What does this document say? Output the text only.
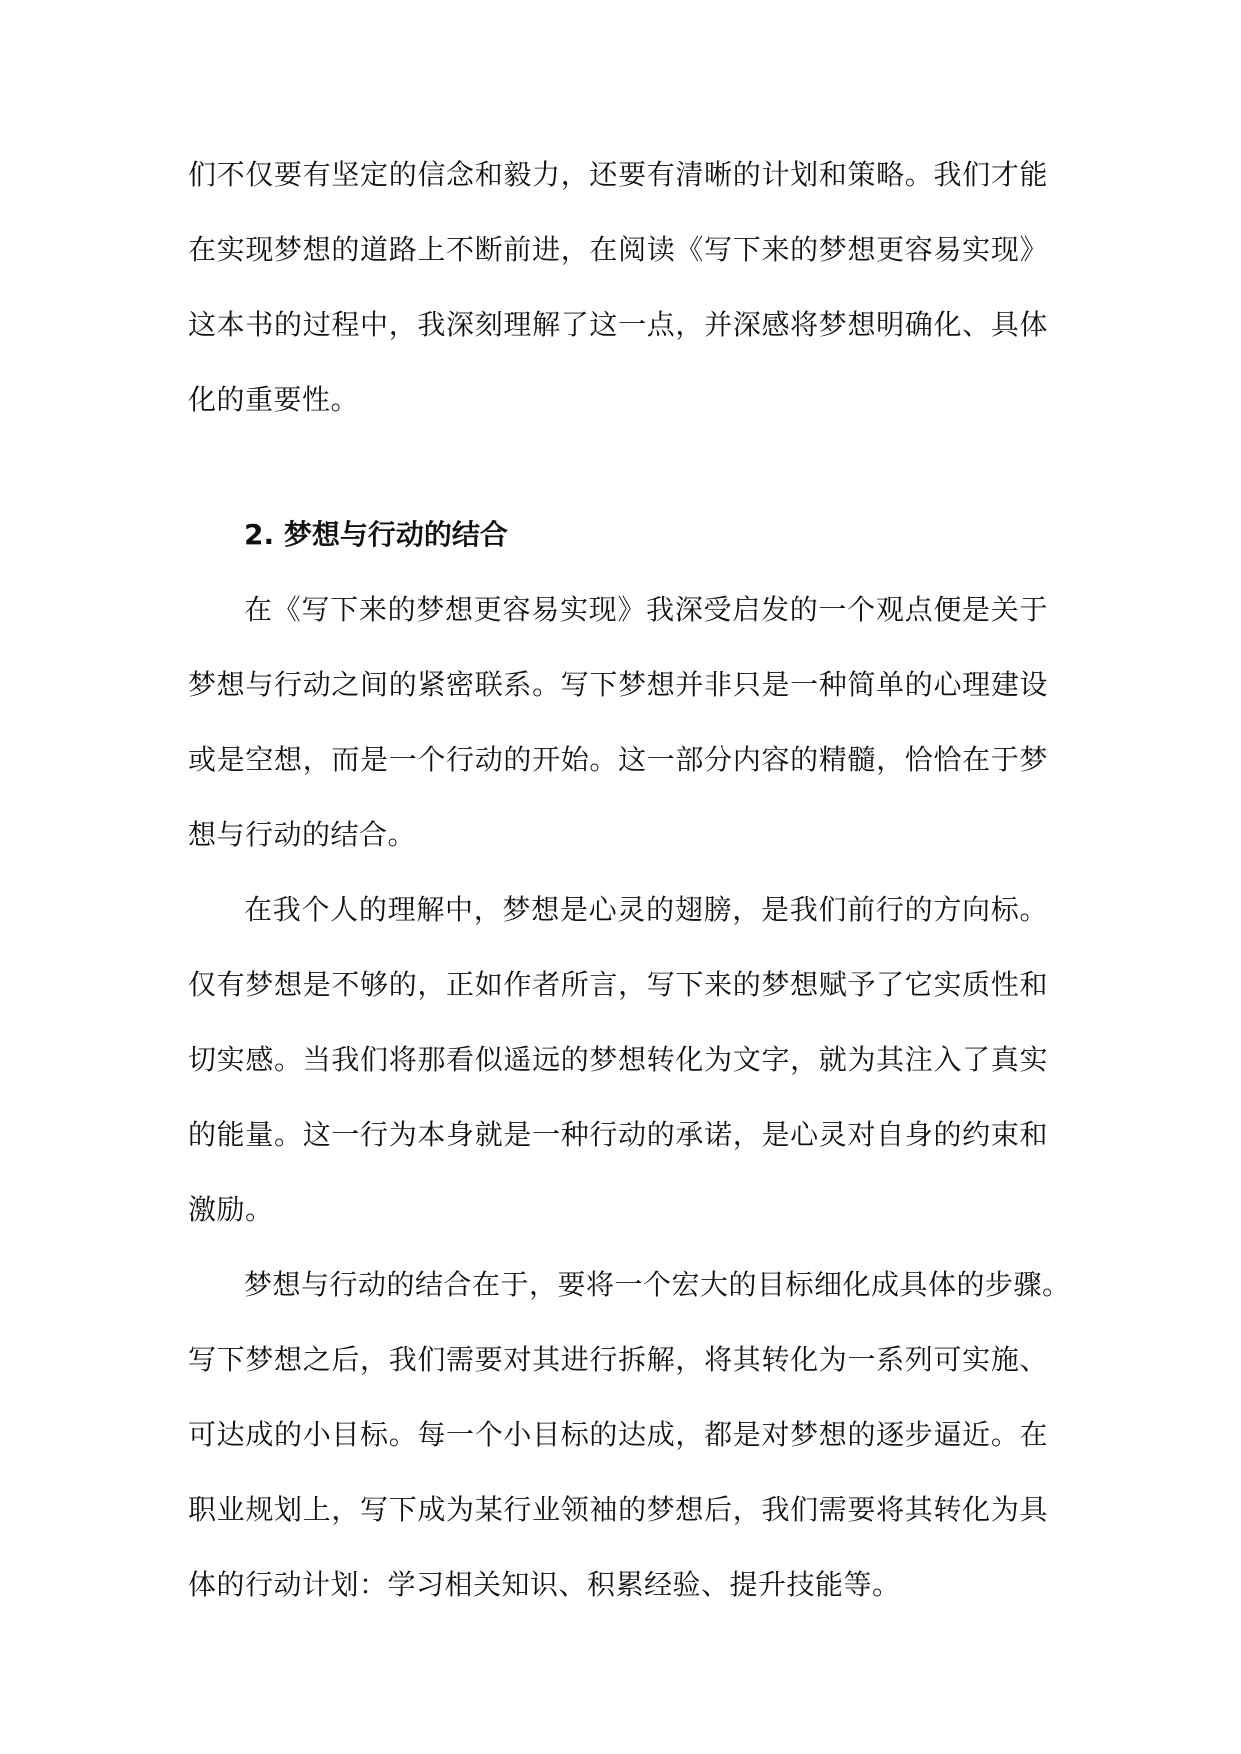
们不仅要有坚定的信念和毅力，还要有清晰的计划和策略。我们才能
在实现梦想的道路上不断前进，在阅读《写下来的梦想更容易实现》
这本书的过程中，我深刻理解了这一点，并深感将梦想明确化、具体
化的重要性。
2. 梦想与行动的结合
在《写下来的梦想更容易实现》我深受启发的一个观点便是关于
梦想与行动之间的紧密联系。写下梦想并非只是一种简单的心理建设
或是空想，而是一个行动的开始。这一部分内容的精髓，恰恰在于梦
想与行动的结合。
在我个人的理解中，梦想是心灵的翅膀，是我们前行的方向标。
仅有梦想是不够的，正如作者所言，写下来的梦想赋予了它实质性和
切实感。当我们将那看似遥远的梦想转化为文字，就为其注入了真实
的能量。这一行为本身就是一种行动的承诺，是心灵对自身的约束和
激励。
梦想与行动的结合在于，要将一个宏大的目标细化成具体的步骤。
写下梦想之后，我们需要对其进行拆解，将其转化为一系列可实施、
可达成的小目标。每一个小目标的达成，都是对梦想的逐步逼近。在
职业规划上，写下成为某行业领袖的梦想后，我们需要将其转化为具
体的行动计划：学习相关知识、积累经验、提升技能等。
